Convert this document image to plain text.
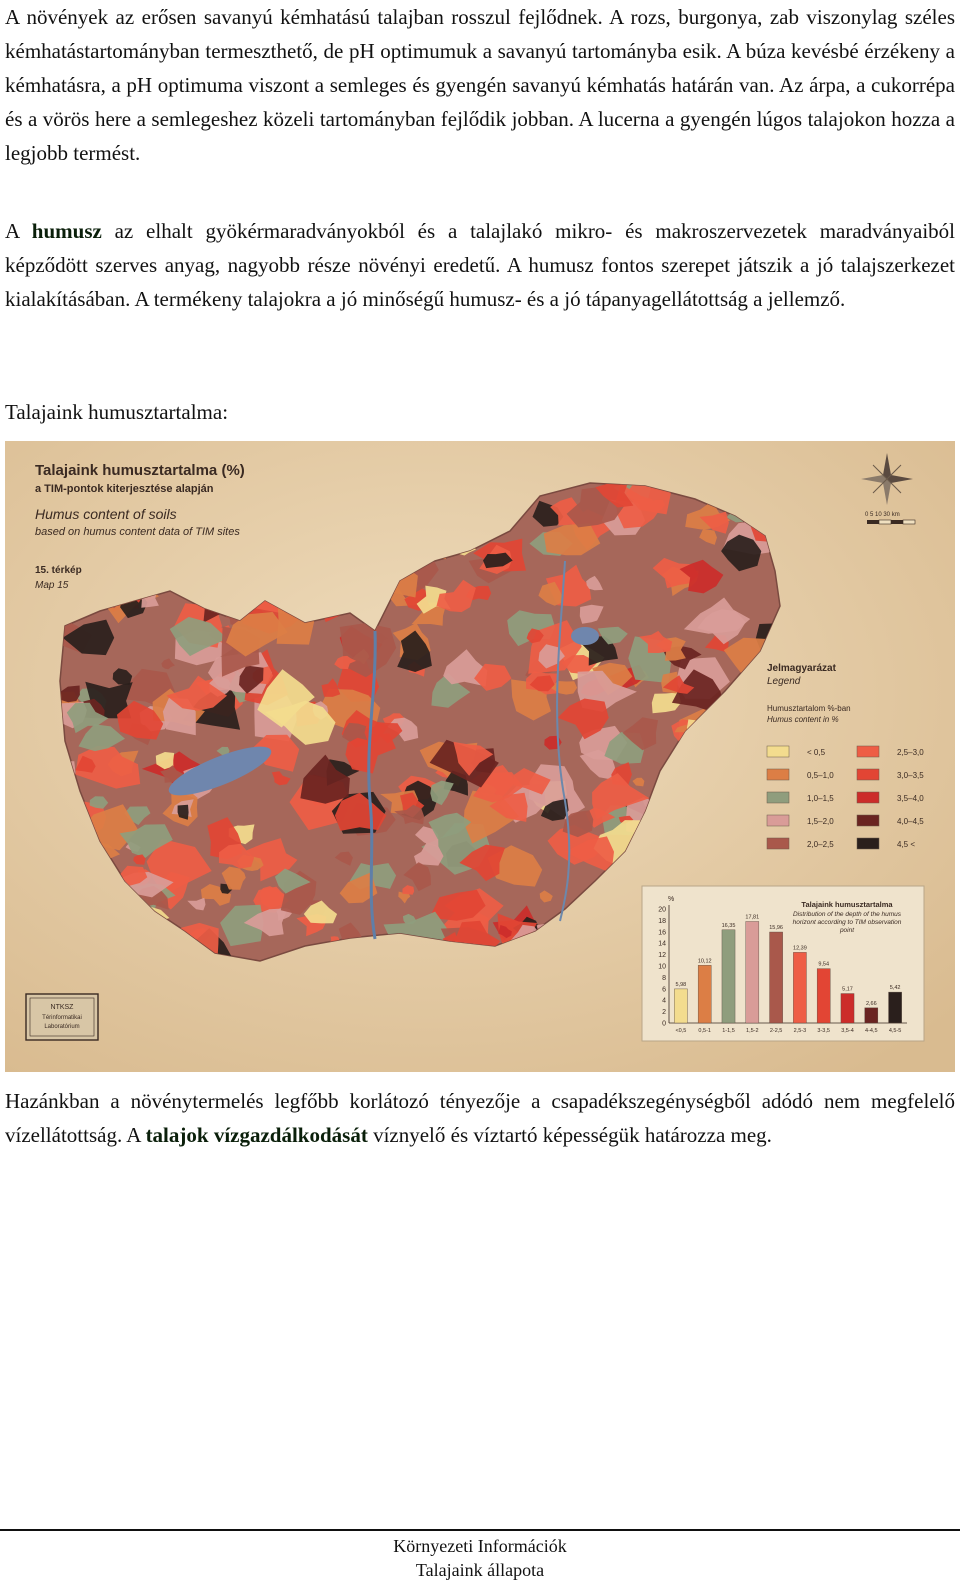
A növények az erősen savanyú kémhatású talajban rosszul fejlődnek. A rozs, burgonya, zab viszonylag széles kémhatástartományban termeszthető, de pH optimumuk a savanyú tartományba esik. A búza kevésbé érzékeny a kémhatásra, a pH optimuma viszont a semleges és gyengén savanyú kémhatás határán van. Az árpa, a cukorrépa és a vörös here a semlegeshez közeli tartományban fejlődik jobban. A lucerna a gyengén lúgos talajokon hozza a legjobb termést.

A humusz az elhalt gyökérmaradványokból és a talajlakó mikro- és makroszervezetek maradványaiból képződött szerves anyag, nagyobb része növényi eredetű. A humusz fontos szerepet játszik a jó talajszerkezet kialakításában. A termékeny talajokra a jó minőségű humusz- és a jó tápanyagellátottság a jellemző.

Talajaink humusztartalma:

Talajaink humusztartalma (%)
a TIM-pontok kiterjesztése alapján
Humus content of soils
based on humus content data of TIM sites
15. térkép
Map 15
0 5 10 30 km
Jelmagyarázat
Legend
Humusztartalom %-ban
Humus content in %
< 0,5
0,5–1,0
1,0–1,5
1,5–2,0
2,0–2,5
2,5–3,0
3,0–3,5
3,5–4,0
4,0–4,5
4,5 <
NTKSZ
Térinformatikai
Laboratórium	0
2
4
6
8
10
12
14
16
18
20
<0,5 0,5-1 1-1,5 1,5-2 2-2,5 2,5-3 3-3,5 3,5-4 4-4,5 4,5-5
5,98
10,12
16,35
17,81
15,96
12,39
9,54
5,17
2,66
5,42
%
Talajaink humusztartalma
Distribution of the depth of the humus horizont according to TIM observation point

Hazánkban a növénytermelés legfőbb korlátozó tényezője a csapadékszegénységből adódó nem megfelelő vízellátottság. A talajok vízgazdálkodását víznyelő és víztartó képességük határozza meg.

Környezeti Információk
Talajaink állapota
